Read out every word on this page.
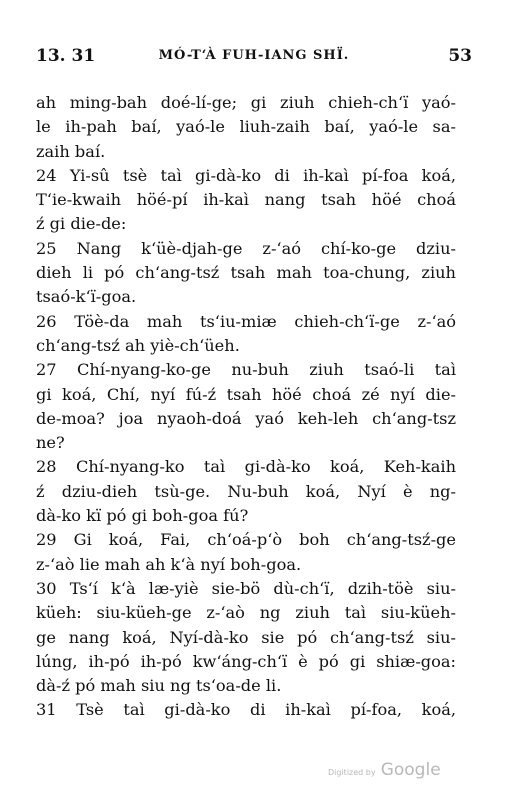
13. 31	MÓ-T‘À FUH-IANG SHÏ.	53
ah ming-bah doé-lí-ge; gi ziuh chieh-ch‘ï yaó-
le ih-pah baí, yaó-le liuh-zaih baí, yaó-le sa-
zaih baí.
24 Yi-sû tsè taì gi-dà-ko di ih-kaì pí-foa koá,
T‘ie-kwaih höé-pí ih-kaì nang tsah höé choá
ź gi die-de:
25 Nang k‘üè-djah-ge z-‘aó chí-ko-ge dziu-
dieh li pó ch‘ang-tsź tsah mah toa-chung, ziuh
tsaó-k‘ï-goa.
26 Töè-da mah ts‘iu-miæ chieh-ch‘ï-ge z-‘aó
ch‘ang-tsź ah yiè-ch‘üeh.
27 Chí-nyang-ko-ge nu-buh ziuh tsaó-li taì
gi koá, Chí, nyí fú-ź tsah höé choá zé nyí die-
de-moa? joa nyaoh-doá yaó keh-leh ch‘ang-tsz
ne?
28 Chí-nyang-ko taì gi-dà-ko koá, Keh-kaih
ź dziu-dieh tsù-ge. Nu-buh koá, Nyí è ng-
dà-ko kï pó gi boh-goa fú?
29 Gi koá, Fai, ch‘oá-p‘ò boh ch‘ang-tsź-ge
z-‘aò lie mah ah k‘à nyí boh-goa.
30 Ts‘í k‘à læ-yiè sie-bö dù-ch‘ï, dzih-töè siu-
küeh: siu-küeh-ge z-‘aò ng ziuh taì siu-küeh-
ge nang koá, Nyí-dà-ko sie pó ch‘ang-tsź siu-
lúng, ih-pó ih-pó kw‘áng-ch‘ï è pó gi shiæ-goa:
dà-ź pó mah siu ng ts‘oa-de li.
31 Tsè taì gi-dà-ko di ih-kaì pí-foa, koá,
Digitized by Google
